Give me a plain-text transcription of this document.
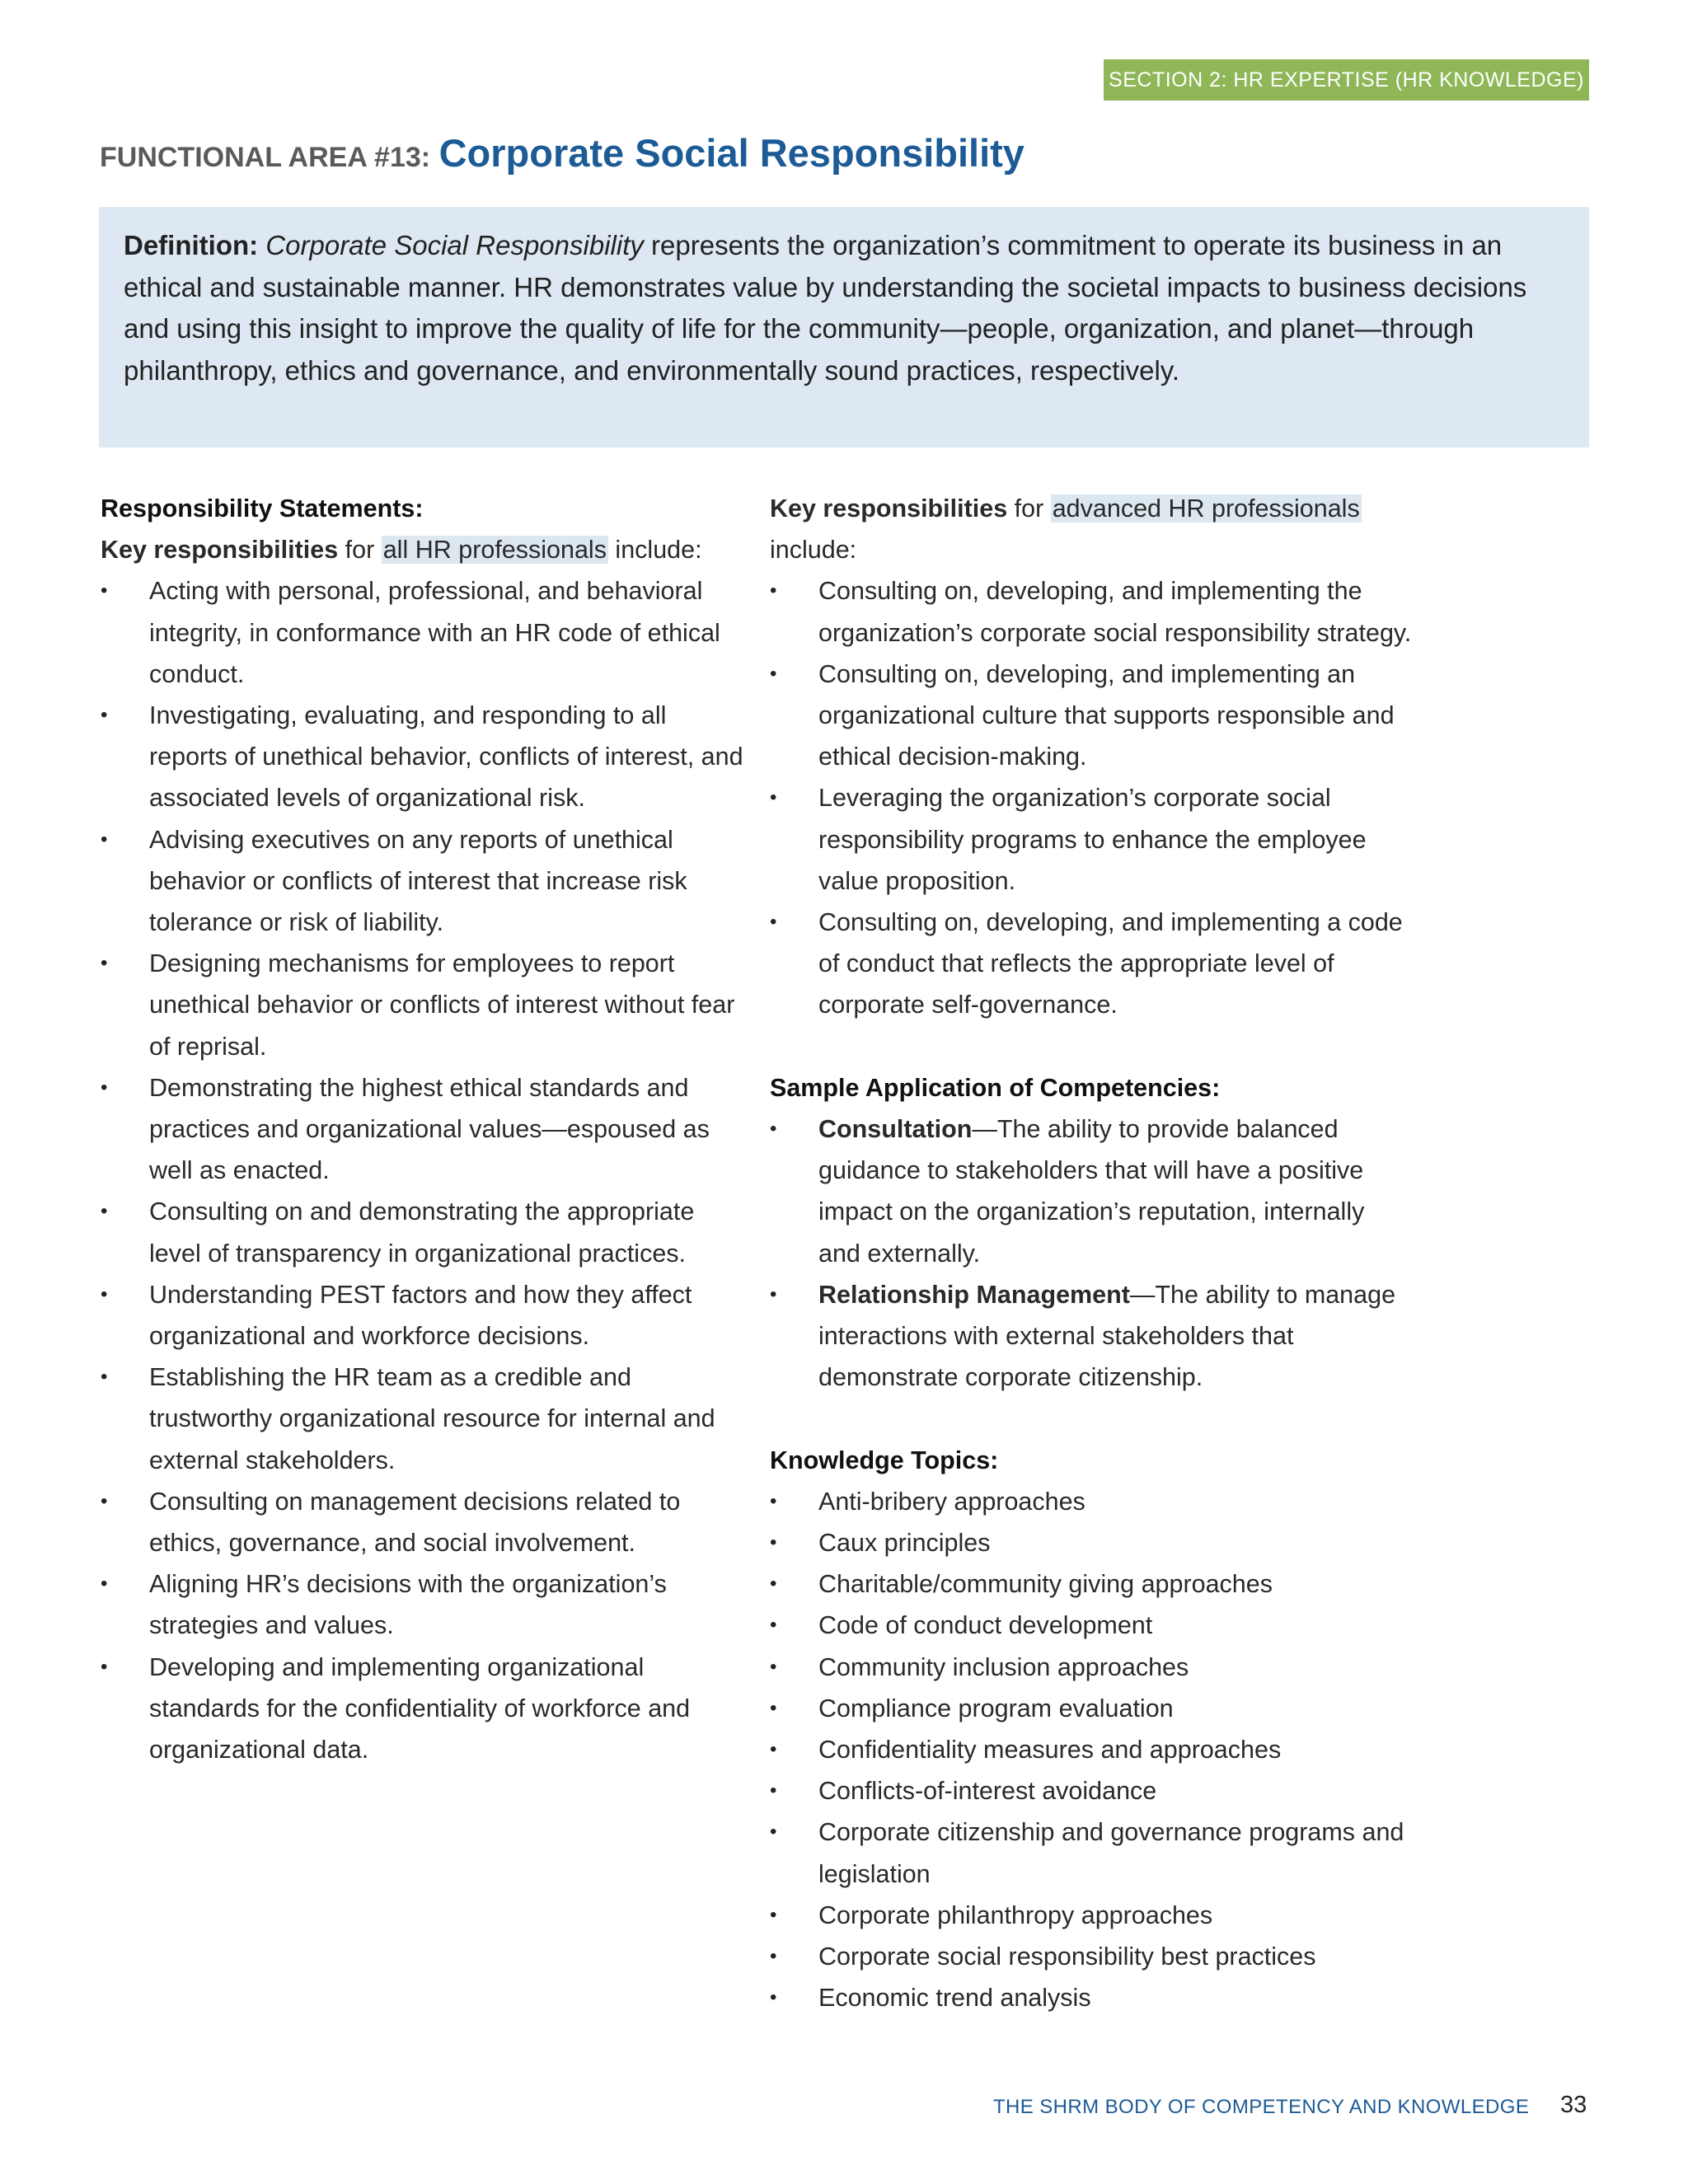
SECTION 2: HR EXPERTISE (HR KNOWLEDGE)
FUNCTIONAL AREA #13: Corporate Social Responsibility
Definition: Corporate Social Responsibility represents the organization’s commitment to operate its business in an ethical and sustainable manner. HR demonstrates value by understanding the societal impacts to business decisions and using this insight to improve the quality of life for the community—people, organization, and planet—through philanthropy, ethics and governance, and environmentally sound practices, respectively.

Responsibility Statements:

Key responsibilities for all HR professionals include:

• Acting with personal, professional, and behavioral integrity, in conformance with an HR code of ethical conduct.
• Investigating, evaluating, and responding to all reports of unethical behavior, conflicts of interest, and associated levels of organizational risk.
• Advising executives on any reports of unethical behavior or conflicts of interest that increase risk tolerance or risk of liability.
• Designing mechanisms for employees to report unethical behavior or conflicts of interest without fear of reprisal.
• Demonstrating the highest ethical standards and practices and organizational values—espoused as well as enacted.
• Consulting on and demonstrating the appropriate level of transparency in organizational practices.
• Understanding PEST factors and how they affect organizational and workforce decisions.
• Establishing the HR team as a credible and trustworthy organizational resource for internal and external stakeholders.
• Consulting on management decisions related to ethics, governance, and social involvement.
• Aligning HR’s decisions with the organization’s strategies and values.
• Developing and implementing organizational standards for the confidentiality of workforce and organizational data.

Key responsibilities for advanced HR professionals
include:

• Consulting on, developing, and implementing the organization’s corporate social responsibility strategy.
• Consulting on, developing, and implementing an organizational culture that supports responsible and ethical decision-making.
• Leveraging the organization’s corporate social responsibility programs to enhance the employee value proposition.
• Consulting on, developing, and implementing a code of conduct that reflects the appropriate level of corporate self-governance.

Sample Application of Competencies:

• Consultation—The ability to provide balanced guidance to stakeholders that will have a positive impact on the organization’s reputation, internally and externally.
• Relationship Management—The ability to manage interactions with external stakeholders that demonstrate corporate citizenship.

Knowledge Topics:

• Anti-bribery approaches
• Caux principles
• Charitable/community giving approaches
• Code of conduct development
• Community inclusion approaches
• Compliance program evaluation
• Confidentiality measures and approaches
• Conflicts-of-interest avoidance
• Corporate citizenship and governance programs and legislation
• Corporate philanthropy approaches
• Corporate social responsibility best practices
• Economic trend analysis
THE SHRM BODY OF COMPETENCY AND KNOWLEDGE 33
